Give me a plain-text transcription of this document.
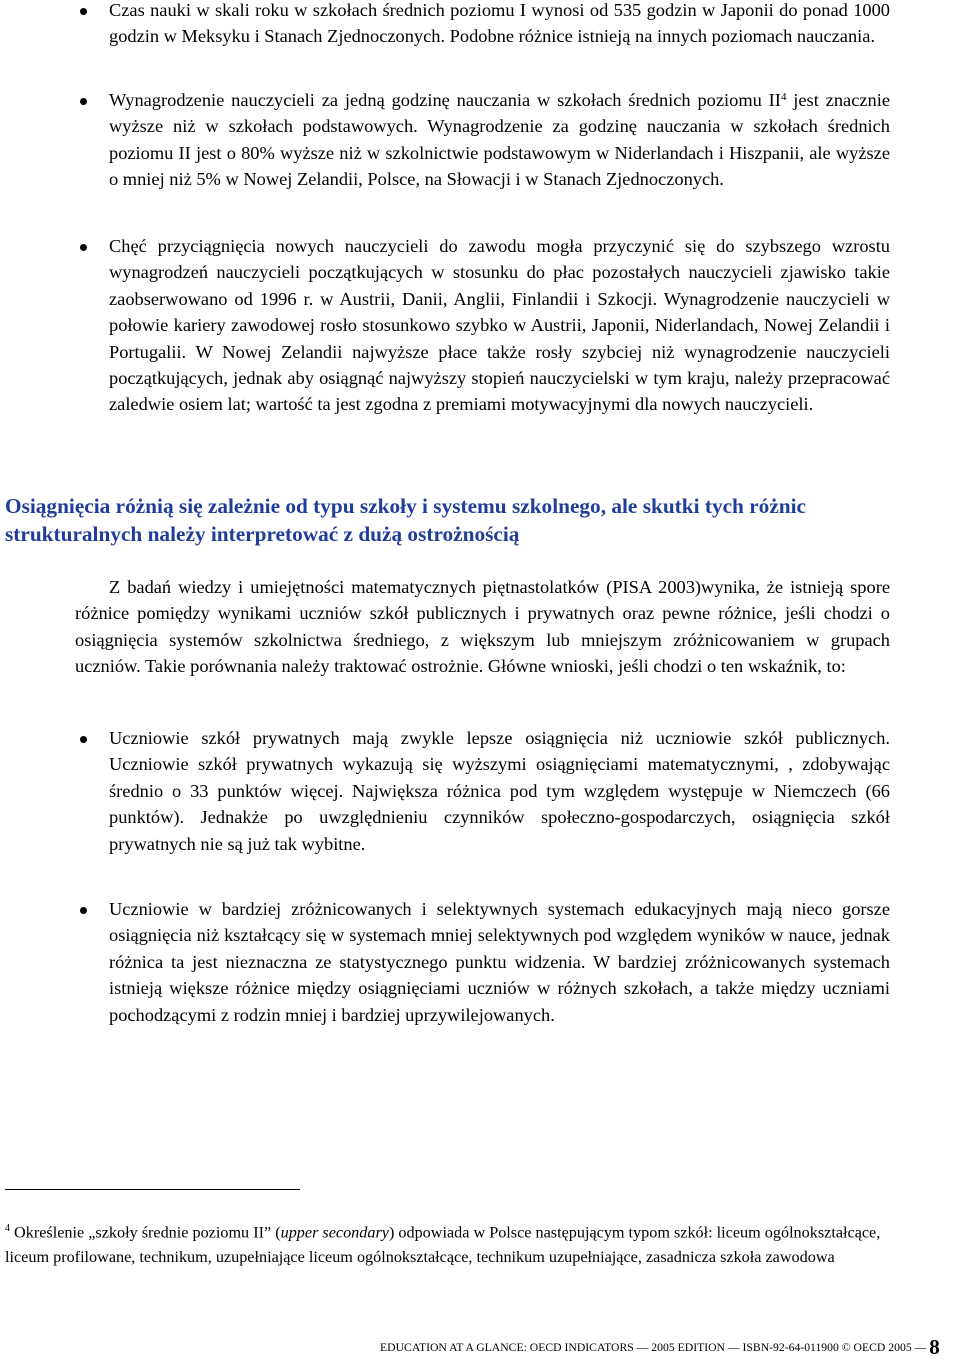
Czas nauki w skali roku w szkołach średnich poziomu I wynosi od 535 godzin w Japonii do ponad 1000 godzin w Meksyku i Stanach Zjednoczonych. Podobne różnice istnieją na innych poziomach nauczania.

Wynagrodzenie nauczycieli za jedną godzinę nauczania w szkołach średnich poziomu II$^4$ jest znacznie wyższe niż w szkołach podstawowych. Wynagrodzenie za godzinę nauczania w szkołach średnich poziomu II jest o 80% wyższe niż w szkolnictwie podstawowym w Niderlandach i Hiszpanii, ale wyższe o mniej niż 5% w Nowej Zelandii, Polsce, na Słowacji i w Stanach Zjednoczonych.

Chęć przyciągnięcia nowych nauczycieli do zawodu mogła przyczynić się do szybszego wzrostu wynagrodzeń nauczycieli początkujących w stosunku do płac pozostałych nauczycieli zjawisko takie zaobserwowano od 1996 r. w Austrii, Danii, Anglii, Finlandii i Szkocji. Wynagrodzenie nauczycieli w połowie kariery zawodowej rosło stosunkowo szybko w Austrii, Japonii, Niderlandach, Nowej Zelandii i Portugalii. W Nowej Zelandii najwyższe płace także rosły szybciej niż wynagrodzenie nauczycieli początkujących, jednak aby osiągnąć najwyższy stopień nauczycielski w tym kraju, należy przepracować zaledwie osiem lat; wartość ta jest zgodna z premiami motywacyjnymi dla nowych nauczycieli.

Osiągnięcia różnią się zależnie od typu szkoły i systemu szkolnego, ale skutki tych różnic strukturalnych należy interpretować z dużą ostrożnością

Z badań wiedzy i umiejętności matematycznych piętnastolatków (PISA 2003)wynika, że istnieją spore różnice pomiędzy wynikami uczniów szkół publicznych i prywatnych oraz pewne różnice, jeśli chodzi o osiągnięcia systemów szkolnictwa średniego, z większym lub mniejszym zróżnicowaniem w grupach uczniów. Takie porównania należy traktować ostrożnie. Główne wnioski, jeśli chodzi o ten wskaźnik, to:

Uczniowie szkół prywatnych mają zwykle lepsze osiągnięcia niż uczniowie szkół publicznych. Uczniowie szkół prywatnych wykazują się wyższymi osiągnięciami matematycznymi, , zdobywając średnio o 33 punktów więcej. Największa różnica pod tym względem występuje w Niemczech (66 punktów). Jednakże po uwzględnieniu czynników społeczno-gospodarczych, osiągnięcia szkół prywatnych nie są już tak wybitne.

Uczniowie w bardziej zróżnicowanych i selektywnych systemach edukacyjnych mają nieco gorsze osiągnięcia niż kształcący się w systemach mniej selektywnych pod względem wyników w nauce, jednak różnica ta jest nieznaczna ze statystycznego punktu widzenia. W bardziej zróżnicowanych systemach istnieją większe różnice między osiągnięciami uczniów w różnych szkołach, a także między uczniami pochodzącymi z rodzin mniej i bardziej uprzywilejowanych.

$^4$ Określenie „szkoły średnie poziomu II” (upper secondary) odpowiada w Polsce następującym typom szkół: liceum ogólnokształcące, liceum profilowane, technikum, uzupełniające liceum ogólnokształcące, technikum uzupełniające, zasadnicza szkoła zawodowa

EDUCATION AT A GLANCE: OECD INDICATORS — 2005 EDITION — ISBN-92-64-011900 © OECD 2005 — 8
